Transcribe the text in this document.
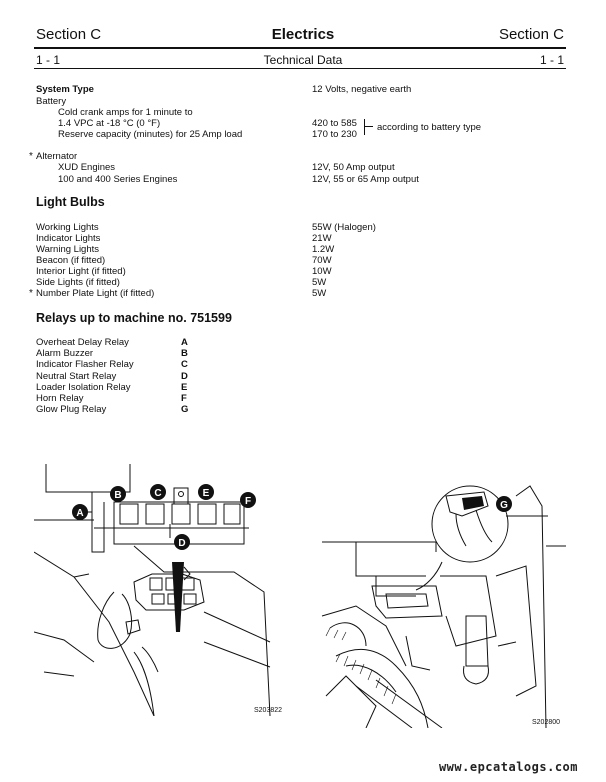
Section C	Electrics	Section C
1 - 1	Technical Data	1 - 1
System Type	12 Volts, negative earth
Battery
Cold crank amps for 1 minute to
1.4 VPC at -18 °C (0 °F)	420 to 585
Reserve capacity (minutes) for 25 Amp load	170 to 230
according to battery type
* Alternator
XUD Engines	12V, 50 Amp output
100 and 400 Series Engines	12V, 55 or 65 Amp output
Light Bulbs
Working Lights	55W (Halogen)
Indicator Lights	21W
Warning Lights	1.2W
Beacon (if fitted)	70W
Interior Light (if fitted)	10W
Side Lights (if fitted)	5W
Number Plate Light (if fitted)	5W
*
Relays up to machine no. 751599
Overheat Delay Relay	A
Alarm Buzzer	B
Indicator Flasher Relay	C
Neutral Start Relay	D
Loader Isolation Relay	E
Horn Relay	F
Glow Plug Relay	G
A
B	C
D
E
F
S203822
G
S202800
www.epcatalogs.com
